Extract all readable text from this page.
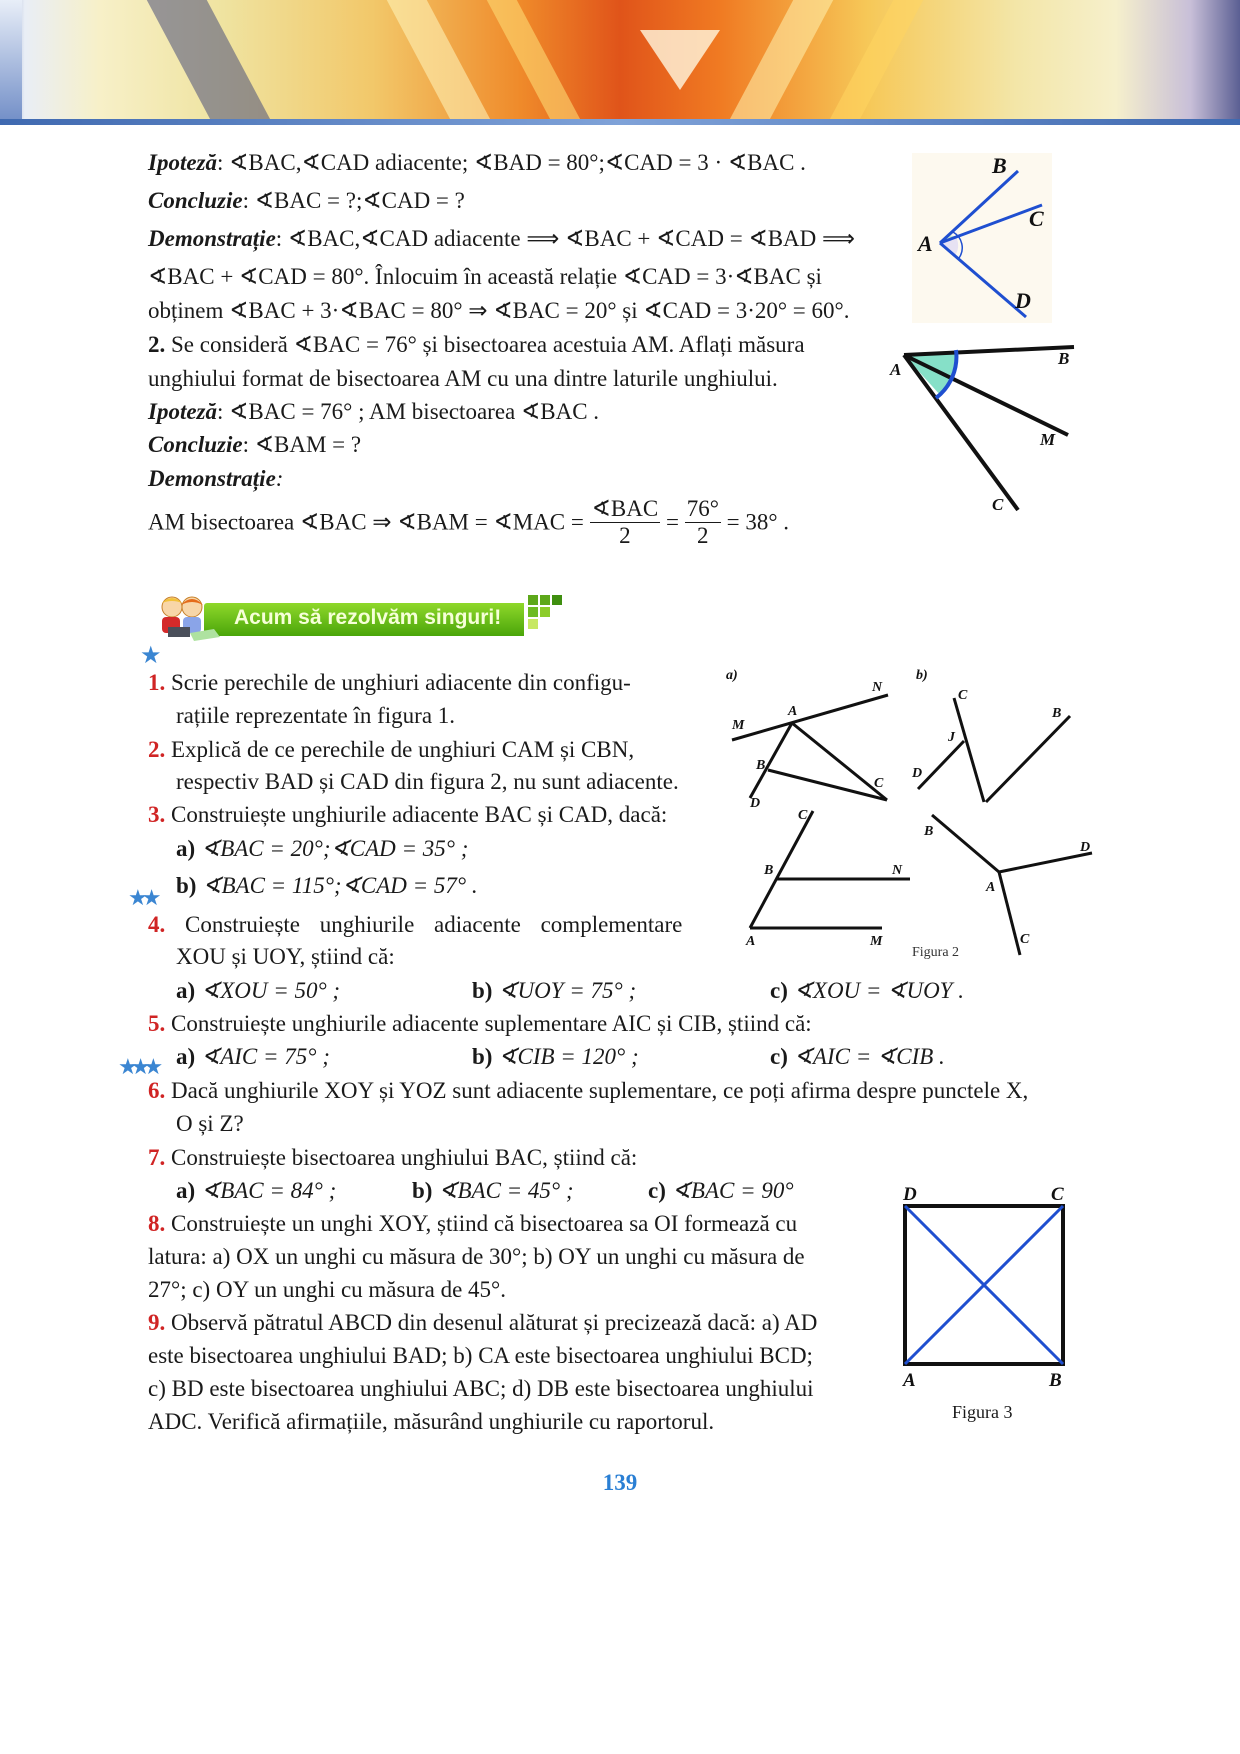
Ipoteză: ∢BAC,∢CAD adiacente; ∢BAD = 80°;∢CAD = 3 · ∢BAC .
Concluzie: ∢BAC = ?;∢CAD = ?
Demonstrație: ∢BAC,∢CAD adiacente ⟹ ∢BAC + ∢CAD = ∢BAD ⟹
∢BAC + ∢CAD = 80°. Înlocuim în această relație ∢CAD = 3·∢BAC și
obținem ∢BAC + 3·∢BAC = 80° ⇒ ∢BAC = 20° și ∢CAD = 3·20° = 60°.
B
C
A
D
2. Se consideră ∢BAC = 76° și bisectoarea acestuia AM. Aflați măsura
unghiului format de bisectoarea AM cu una dintre laturile unghiului.
Ipoteză: ∢BAC = 76° ; AM bisectoarea ∢BAC .
Concluzie: ∢BAM = ?
Demonstrație:
AM bisectoarea ∢BAC ⇒ ∢BAM = ∢MAC = $\frac{\text{∢BAC}}{2} = \frac{76^\circ}{2} = 38^\circ$ .
A
B
M
C
Acum să rezolvăm singuri!
★
★★
★★★
1. Scrie perechile de unghiuri adiacente din configu-
rațiile reprezentate în figura 1.
2. Explică de ce perechile de unghiuri CAM și CBN,
respectiv BAD și CAD din figura 2, nu sunt adiacente.
3. Construiește unghiurile adiacente BAC și CAD, dacă:
a) ∢BAC = 20°;∢CAD = 35° ;
b) ∢BAC = 115°;∢CAD = 57° .
4. Construiește unghiurile adiacente complementare
XOU și UOY, știind că:
a) ∢XOU = 50° ;	b) ∢UOY = 75° ;	c) ∢XOU = ∢UOY .
5. Construiește unghiurile adiacente suplementare AIC și CIB, știind că:
a) ∢AIC = 75° ;	b) ∢CIB = 120° ;	c) ∢AIC = ∢CIB .
6. Dacă unghiurile XOY și YOZ sunt adiacente suplementare, ce poți afirma despre punctele X,
O și Z?
7. Construiește bisectoarea unghiului BAC, știind că:
a) ∢BAC = 84° ;	b) ∢BAC = 45° ;	c) ∢BAC = 90°
8. Construiește un unghi XOY, știind că bisectoarea sa OI formează cu
latura: a) OX un unghi cu măsura de 30°; b) OY un unghi cu măsura de
27°; c) OY un unghi cu măsura de 45°.
9. Observă pătratul ABCD din desenul alăturat și precizează dacă: a) AD
este bisectoarea unghiului BAD; b) CA este bisectoarea unghiului BCD;
c) BD este bisectoarea unghiului ABC; d) DB este bisectoarea unghiului
ADC. Verifică afirmațiile, măsurând unghiurile cu raportorul.
a)
N
A
M
B
C
D
b)
C
J
B
D
C
B	N
A	M
B
D
A
C
Figura 2
D	C
A	B
Figura 3
139
